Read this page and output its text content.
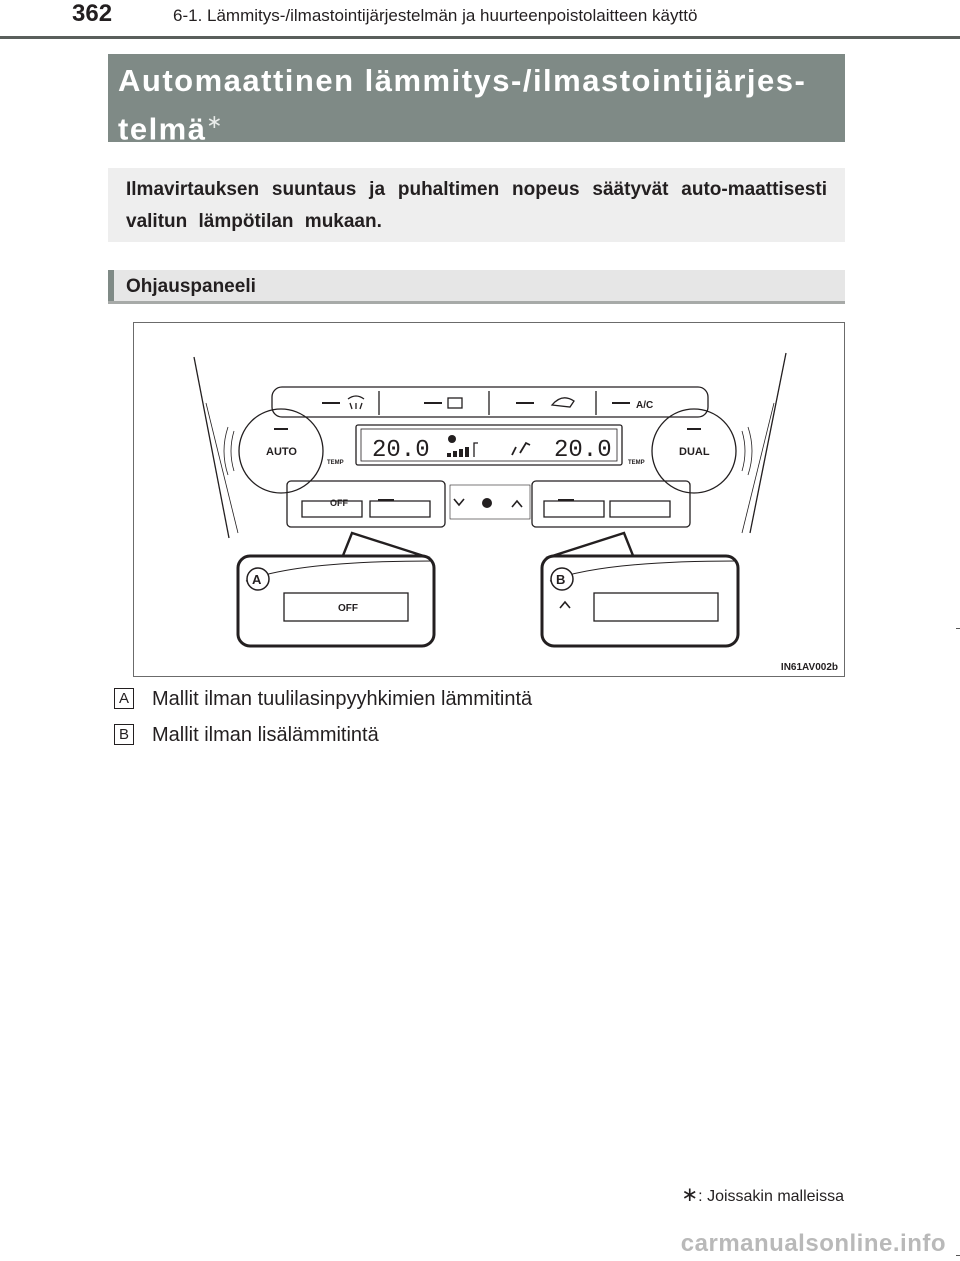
362	6-1. Lämmitys-/ilmastointijärjestelmän ja huurteenpoistolaitteen käyttö

Automaattinen lämmitys-/ilmastointijärjes-
telmä∗

Ilmavirtauksen suuntaus ja puhaltimen nopeus säätyvät auto-maattisesti valitun lämpötilan mukaan.

Ohjauspaneeli
A/C
AUTO
TEMP
DUAL
TEMP
20.0	20.0
OFF
OFF
A	B
IN61AV002b
A Mallit ilman tuulilasinpyyhkimien lämmitintä
B Mallit ilman lisälämmitintä
∗: Joissakin malleissa
carmanualsonline.info
